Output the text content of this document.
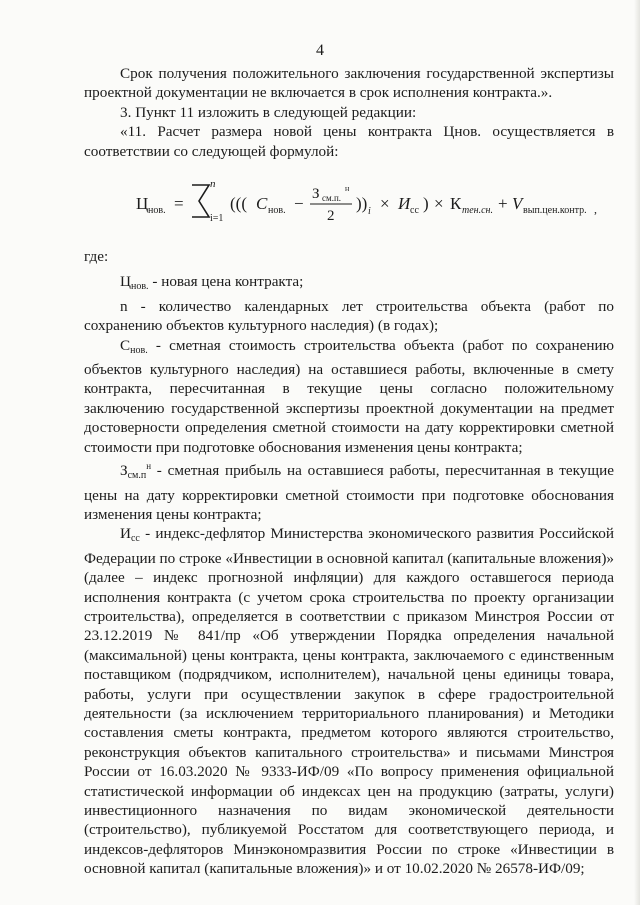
4

Срок получения положительного заключения государственной экспертизы проектной документации не включается в срок исполнения контракта.».

3. Пункт 11 изложить в следующей редакции:

«11. Расчет размера новой цены контракта Цнов. осуществляется в соответствии со следующей формулой:

Ц нов. =
n
i=1
((( C нов. − З см.п.
н
2
)) i × И сс ) × К тен.сн. + V вып.цен.контр. ,

где:

$Ц_{нов.}$ - новая цена контракта;

n - количество календарных лет строительства объекта (работ по сохранению объектов культурного наследия) (в годах);

$С_{нов.}$ - сметная стоимость строительства объекта (работ по сохранению объектов культурного наследия) на оставшиеся работы, включенные в смету контракта, пересчитанная в текущие цены согласно положительному заключению государственной экспертизы проектной документации на предмет достоверности определения сметной стоимости на дату корректировки сметной стоимости при подготовке обоснования изменения цены контракта;

$З_{см.п}^н$ - сметная прибыль на оставшиеся работы, пересчитанная в текущие цены на дату корректировки сметной стоимости при подготовке обоснования изменения цены контракта;

$И_{сс}$ - индекс-дефлятор Министерства экономического развития Российской Федерации по строке «Инвестиции в основной капитал (капитальные вложения)» (далее – индекс прогнозной инфляции) для каждого оставшегося периода исполнения контракта (с учетом срока строительства по проекту организации строительства), определяется в соответствии с приказом Минстроя России от 23.12.2019 № 841/пр «Об утверждении Порядка определения начальной (максимальной) цены контракта, цены контракта, заключаемого с единственным поставщиком (подрядчиком, исполнителем), начальной цены единицы товара, работы, услуги при осуществлении закупок в сфере градостроительной деятельности (за исключением территориального планирования) и Методики составления сметы контракта, предметом которого являются строительство, реконструкция объектов капитального строительства» и письмами Минстроя России от 16.03.2020 № 9333-ИФ/09 «По вопросу применения официальной статистической информации об индексах цен на продукцию (затраты, услуги) инвестиционного назначения по видам экономической деятельности (строительство), публикуемой Росстатом для соответствующего периода, и индексов-дефляторов Минэкономразвития России по строке «Инвестиции в основной капитал (капитальные вложения)» и от 10.02.2020 № 26578-ИФ/09;
